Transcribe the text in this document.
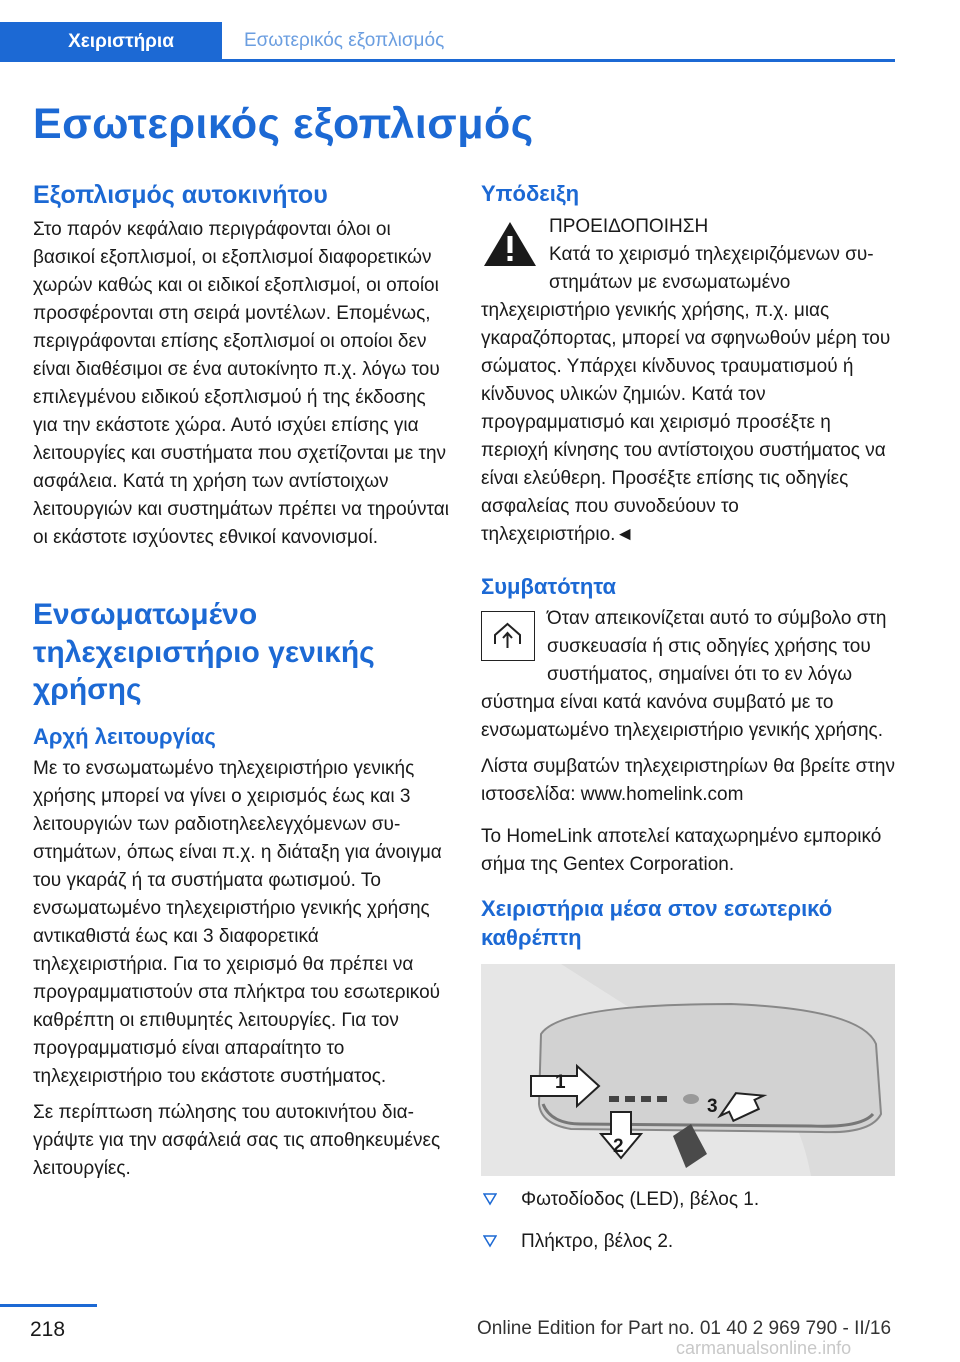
Χειριστήρια	Εσωτερικός εξοπλισμός
Εσωτερικός εξοπλισμός
Εξοπλισμός αυτοκινήτου

Στο παρόν κεφάλαιο περιγράφονται όλοι οι βασικοί εξοπλισμοί, οι εξοπλισμοί διαφορετικών χωρών καθώς και οι ειδικοί εξοπλισμοί, οι οποίοι προσφέρονται στη σειρά μοντέλων. Επομένως, περιγράφονται επίσης εξοπλισμοί οι οποίοι δεν είναι διαθέσιμοι σε ένα αυτοκίνητο π.χ. λόγω του επιλεγμένου ειδικού εξοπλισμού ή της έκδοσης για την εκάστοτε χώρα. Αυτό ισχύει επίσης για λειτουργίες και συστήματα που σχετίζονται με την ασφάλεια. Κατά τη χρήση των αντίστοιχων λειτουργιών και συστημάτων πρέπει να τηρούνται οι εκάστοτε ισχύοντες εθνικοί κανονισμοί.

Ενσωματωμένο τηλεχειριστήριο γενικής χρήσης
Αρχή λειτουργίας

Με το ενσωματωμένο τηλεχειριστήριο γενικής χρήσης μπορεί να γίνει ο χειρισμός έως και 3 λειτουργιών των ραδιοτηλεελεγχόμενων συστημάτων, όπως είναι π.χ. η διάταξη για άνοιγμα του γκαράζ ή τα συστήματα φωτισμού. Το ενσωματωμένο τηλεχειριστήριο γενικής χρήσης αντικαθιστά έως και 3 διαφορετικά τηλεχειριστήρια. Για το χειρισμό θα πρέπει να προγραμματιστούν στα πλήκτρα του εσωτερικού καθρέπτη οι επιθυμητές λειτουργίες. Για τον προγραμματισμό είναι απαραίτητο το τηλεχειριστήριο του εκάστοτε συστήματος.

Σε περίπτωση πώλησης του αυτοκινήτου διαγράψτε για την ασφάλειά σας τις αποθηκευμένες λειτουργίες.

Υπόδειξη

ΠΡΟΕΙΔΟΠΟΙΗΣΗ

Κατά το χειρισμό τηλεχειριζόμενων συστημάτων με ενσωματωμένο τηλεχειριστήριο γενικής χρήσης, π.χ. μιας γκαραζόπορτας, μπορεί να σφηνωθούν μέρη του σώματος. Υπάρχει κίνδυνος τραυματισμού ή κίνδυνος υλικών ζημιών. Κατά τον προγραμματισμό και χειρισμό προσέξτε η περιοχή κίνησης του αντίστοιχου συστήματος να είναι ελεύθερη. Προσέξτε επίσης τις οδηγίες ασφαλείας που συνοδεύουν το τηλεχειριστήριο.◄

Συμβατότητα

Όταν απεικονίζεται αυτό το σύμβολο στη συσκευασία ή στις οδηγίες χρήσης του συστήματος, σημαίνει ότι το εν λόγω σύστημα είναι κατά κανόνα συμβατό με το ενσωματωμένο τηλεχειριστήριο γενικής χρήσης.

Λίστα συμβατών τηλεχειριστηρίων θα βρείτε στην ιστοσελίδα: www.homelink.com

Το HomeLink αποτελεί καταχωρημένο εμπορικό σήμα της Gentex Corporation.

Χειριστήρια μέσα στον εσωτερικό καθρέπτη
1
2
3
Φωτοδίοδος (LED), βέλος 1.
Πλήκτρο, βέλος 2.
218	Online Edition for Part no. 01 40 2 969 790 - II/16
carmanualsonline.info
